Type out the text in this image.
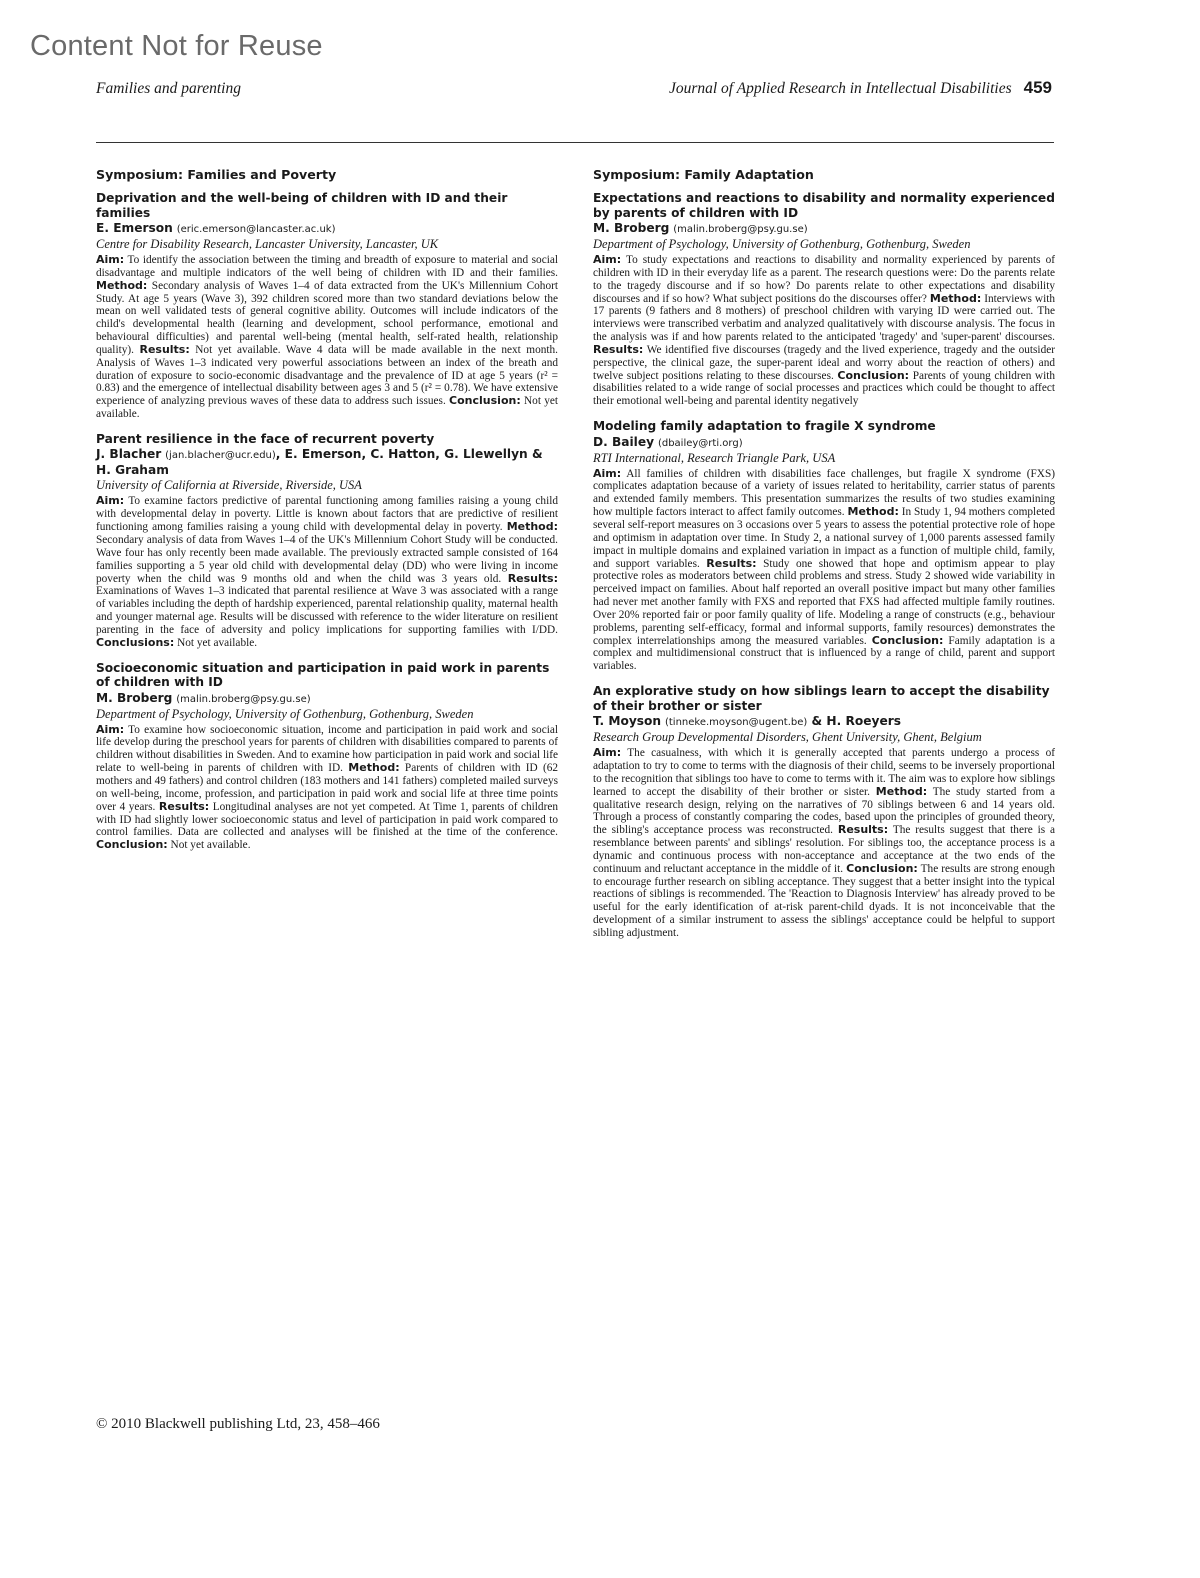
Content Not for Reuse
Families and parenting	Journal of Applied Research in Intellectual Disabilities 459
Symposium: Families and Poverty
Deprivation and the well-being of children with ID and their families
E. Emerson (eric.emerson@lancaster.ac.uk)
Centre for Disability Research, Lancaster University, Lancaster, UK

Aim: To identify the association between the timing and breadth of exposure to material and social disadvantage and multiple indicators of the well being of children with ID and their families. Method: Secondary analysis of Waves 1–4 of data extracted from the UK's Millennium Cohort Study. At age 5 years (Wave 3), 392 children scored more than two standard deviations below the mean on well validated tests of general cognitive ability. Outcomes will include indicators of the child's developmental health (learning and development, school performance, emotional and behavioural difficulties) and parental well-being (mental health, self-rated health, relationship quality). Results: Not yet available. Wave 4 data will be made available in the next month. Analysis of Waves 1–3 indicated very powerful associations between an index of the breath and duration of exposure to socio-economic disadvantage and the prevalence of ID at age 5 years (r² = 0.83) and the emergence of intellectual disability between ages 3 and 5 (r² = 0.78). We have extensive experience of analyzing previous waves of these data to address such issues. Conclusion: Not yet available.

Parent resilience in the face of recurrent poverty
J. Blacher (jan.blacher@ucr.edu), E. Emerson, C. Hatton, G. Llewellyn & H. Graham
University of California at Riverside, Riverside, USA

Aim: To examine factors predictive of parental functioning among families raising a young child with developmental delay in poverty. Little is known about factors that are predictive of resilient functioning among families raising a young child with developmental delay in poverty. Method: Secondary analysis of data from Waves 1–4 of the UK's Millennium Cohort Study will be conducted. Wave four has only recently been made available. The previously extracted sample consisted of 164 families supporting a 5 year old child with developmental delay (DD) who were living in income poverty when the child was 9 months old and when the child was 3 years old. Results: Examinations of Waves 1–3 indicated that parental resilience at Wave 3 was associated with a range of variables including the depth of hardship experienced, parental relationship quality, maternal health and younger maternal age. Results will be discussed with reference to the wider literature on resilient parenting in the face of adversity and policy implications for supporting families with I/DD. Conclusions: Not yet available.

Socioeconomic situation and participation in paid work in parents of children with ID
M. Broberg (malin.broberg@psy.gu.se)
Department of Psychology, University of Gothenburg, Gothenburg, Sweden

Aim: To examine how socioeconomic situation, income and participation in paid work and social life develop during the preschool years for parents of children with disabilities compared to parents of children without disabilities in Sweden. And to examine how participation in paid work and social life relate to well-being in parents of children with ID. Method: Parents of children with ID (62 mothers and 49 fathers) and control children (183 mothers and 141 fathers) completed mailed surveys on well-being, income, profession, and participation in paid work and social life at three time points over 4 years. Results: Longitudinal analyses are not yet competed. At Time 1, parents of children with ID had slightly lower socioeconomic status and level of participation in paid work compared to control families. Data are collected and analyses will be finished at the time of the conference. Conclusion: Not yet available.

Symposium: Family Adaptation
Expectations and reactions to disability and normality experienced by parents of children with ID
M. Broberg (malin.broberg@psy.gu.se)
Department of Psychology, University of Gothenburg, Gothenburg, Sweden

Aim: To study expectations and reactions to disability and normality experienced by parents of children with ID in their everyday life as a parent. The research questions were: Do the parents relate to the tragedy discourse and if so how? Do parents relate to other expectations and disability discourses and if so how? What subject positions do the discourses offer? Method: Interviews with 17 parents (9 fathers and 8 mothers) of preschool children with varying ID were carried out. The interviews were transcribed verbatim and analyzed qualitatively with discourse analysis. The focus in the analysis was if and how parents related to the anticipated 'tragedy' and 'super-parent' discourses. Results: We identified five discourses (tragedy and the lived experience, tragedy and the outsider perspective, the clinical gaze, the super-parent ideal and worry about the reaction of others) and twelve subject positions relating to these discourses. Conclusion: Parents of young children with disabilities related to a wide range of social processes and practices which could be thought to affect their emotional well-being and parental identity negatively

Modeling family adaptation to fragile X syndrome
D. Bailey (dbailey@rti.org)
RTI International, Research Triangle Park, USA

Aim: All families of children with disabilities face challenges, but fragile X syndrome (FXS) complicates adaptation because of a variety of issues related to heritability, carrier status of parents and extended family members. This presentation summarizes the results of two studies examining how multiple factors interact to affect family outcomes. Method: In Study 1, 94 mothers completed several self-report measures on 3 occasions over 5 years to assess the potential protective role of hope and optimism in adaptation over time. In Study 2, a national survey of 1,000 parents assessed family impact in multiple domains and explained variation in impact as a function of multiple child, family, and support variables. Results: Study one showed that hope and optimism appear to play protective roles as moderators between child problems and stress. Study 2 showed wide variability in perceived impact on families. About half reported an overall positive impact but many other families had never met another family with FXS and reported that FXS had affected multiple family routines. Over 20% reported fair or poor family quality of life. Modeling a range of constructs (e.g., behaviour problems, parenting self-efficacy, formal and informal supports, family resources) demonstrates the complex interrelationships among the measured variables. Conclusion: Family adaptation is a complex and multidimensional construct that is influenced by a range of child, parent and support variables.

An explorative study on how siblings learn to accept the disability of their brother or sister
T. Moyson (tinneke.moyson@ugent.be) & H. Roeyers
Research Group Developmental Disorders, Ghent University, Ghent, Belgium

Aim: The casualness, with which it is generally accepted that parents undergo a process of adaptation to try to come to terms with the diagnosis of their child, seems to be inversely proportional to the recognition that siblings too have to come to terms with it. The aim was to explore how siblings learned to accept the disability of their brother or sister. Method: The study started from a qualitative research design, relying on the narratives of 70 siblings between 6 and 14 years old. Through a process of constantly comparing the codes, based upon the principles of grounded theory, the sibling's acceptance process was reconstructed. Results: The results suggest that there is a resemblance between parents' and siblings' resolution. For siblings too, the acceptance process is a dynamic and continuous process with non-acceptance and acceptance at the two ends of the continuum and reluctant acceptance in the middle of it. Conclusion: The results are strong enough to encourage further research on sibling acceptance. They suggest that a better insight into the typical reactions of siblings is recommended. The 'Reaction to Diagnosis Interview' has already proved to be useful for the early identification of at-risk parent-child dyads. It is not inconceivable that the development of a similar instrument to assess the siblings' acceptance could be helpful to support sibling adjustment.

© 2010 Blackwell publishing Ltd, 23, 458–466
